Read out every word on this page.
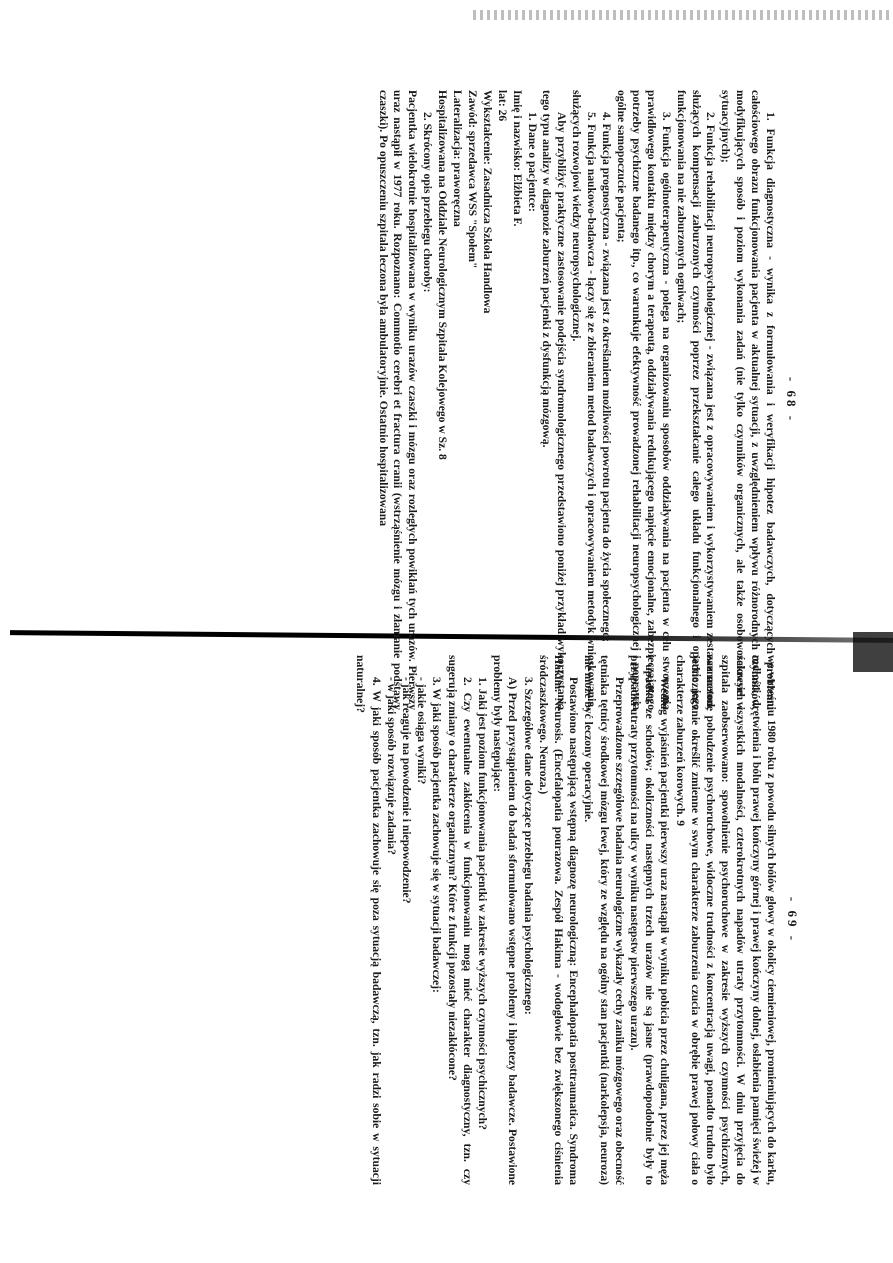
- 68 -

1. Funkcja diagnostyczna - wynika z formułowania i weryfikacji hipotez badawczych, dotyczących problemu całościowego obrazu funkcjonowania pacjenta w aktualnej sytuacji, z uwzględnieniem wpływu różnorodnych czynników, modyfikujących sposób i poziom wykonania zadań (nie tylko czynników organicznych, ale także osobowościowych i sytuacyjnych);

2. Funkcja rehabilitacji neuropsychologicznej - związana jest z opracowywaniem i wykorzystywaniem zestawu metod, służących kompensacji zaburzonych czynności poprzez przekształcanie całego układu funkcjonalnego i oparcie jego funkcjonowania na nie zaburzonych ogniwach;

3. Funkcja ogólnoterapeutyczna - polega na organizowaniu sposobów oddziaływania na pacjenta w celu stworzenia prawidłowego kontaktu między chorym a terapeutą, oddziaływania redukującego napięcie emocjonalne, zabezpieczającego potrzeby psychiczne badanego itp., co warunkuje efektywność prowadzonej rehabilitacji neuropsychologicznej i poprawia ogólne samopoczucie pacjenta;

4. Funkcja prognostyczna - związana jest z określaniem możliwości powrotu pacjenta do życia społecznego;

5. Funkcja naukowo-badawcza - łączy się ze zbieraniem metod badawczych i opracowywaniem metodyk wnioskowania, służących rozwojowi wiedzy neuropsychologicznej.

Aby przybliżyć praktyczne zastosowanie podejścia syndromologicznego przedstawiono poniżej przykład wykorzystania tego typu analizy w diagnozie zaburzeń pacjenki z dysfunkcją mózgową.

1. Dane o pacjentce:

Imię i nazwisko: Elżbieta F.

lat: 26

Wykształcenie: Zasadnicza Szkoła Handlowa

Zawód: sprzedawca WSS "Społem"

Lateralizacja: praworęczna

Hospitalizowana na Oddziale Neurologicznym Szpitala Kolejowego w Sz. 8

2. Skrócony opis przebiegu choroby:

Pacjentka wielokrotnie hospitalizowana w wyniku urazów czaszki i mózgu oraz rozległych powikłań tych urazów. Pierwszy uraz nastąpił w 1977 roku. Rozpoznano: Commotio cerebri et fractura cranii (wstrząśnienie mózgu i złamanie podstawy czaszki). Po opuszczeniu szpitala leczona była ambulatoryjnie. Ostatnio hospitalizowana

- 69 -

we wrześniu 1980 roku z powodu silnych bólów głowy w okolicy ciemieniowej, promieniujących do karku, mdłości, drętwienia i bólu prawej kończyny górnej i prawej kończyny dolnej, osłabienia pamięci świeżej w zakresie wszystkich modalności, czterokrotnych napadów utraty przytomności. W dniu przyjęcia do szpitala zaobserwowano: spowolnienie psychoruchowe w zakresie wyższych czynności psychicznych, zaznaczone pobudzenie psychoruchowe, widoczne trudności z koncentracją uwagi, ponadto trudno było jednoznacznie określić zmienne w swym charakterze zaburzenia czucia w obrębie prawej połowy ciała o charakterze zaburzeń korowych. 9

Według wyjaśnień pacjentki pierwszy uraz nastąpił w wyniku pobicia przez chuligana, przez jej męża i upadku ze schodów; okoliczności następnych trzech urazów nie są jasne (prawdopodobnie były to przypadki utraty przytomności na ulicy w wyniku następstw pierwszego urazu).

Przeprowadzone szczegółowe badania neurologiczne wykazały cechy zaniku mózgowego oraz obecność tętniaka tętnicy środkowej mózgu lewej, który ze względu na ogólny stan pacjentki (narkolepsja, neuroza) nie może być leczony operacyjnie.

Postawiono następującą wstępną diagnozę neurologiczną: Encephalopatia posttraumatica. Syndroma Hakim. Neurosis. (Encefalopatia pourazowa. Zespół Hakima - wodogłowie bez zwiększonego ciśnienia śródczaszkowego. Neuroza.)

3. Szczegółowe dane dotyczące przebiegu badania psychologicznego:

A) Przed przystąpieniem do badań sformułowano wstępne problemy i hipotezy badawcze. Postawione problemy były następujące:

1. Jaki jest poziom funkcjonowania pacjentki w zakresie wyższych czynności psychicznych?

2. Czy ewentualne zakłócenia w funkcjonowaniu mogą mieć charakter diagnostyczny, tzn. czy sugerują zmiany o charakterze organicznym? Które z funkcji pozostały niezakłócone?

3. W jaki sposób pacjentka zachowuje się w sytuacji badawczej:

- jakie osiąga wyniki?

- jak reaguje na powodzenie i niepowodzenie?

- w jaki sposób rozwiązuje zadania?

4. W jaki sposób pacjentka zachowuje się poza sytuacją badawczą, tzn. jak radzi sobie w sytuacji naturalnej?
